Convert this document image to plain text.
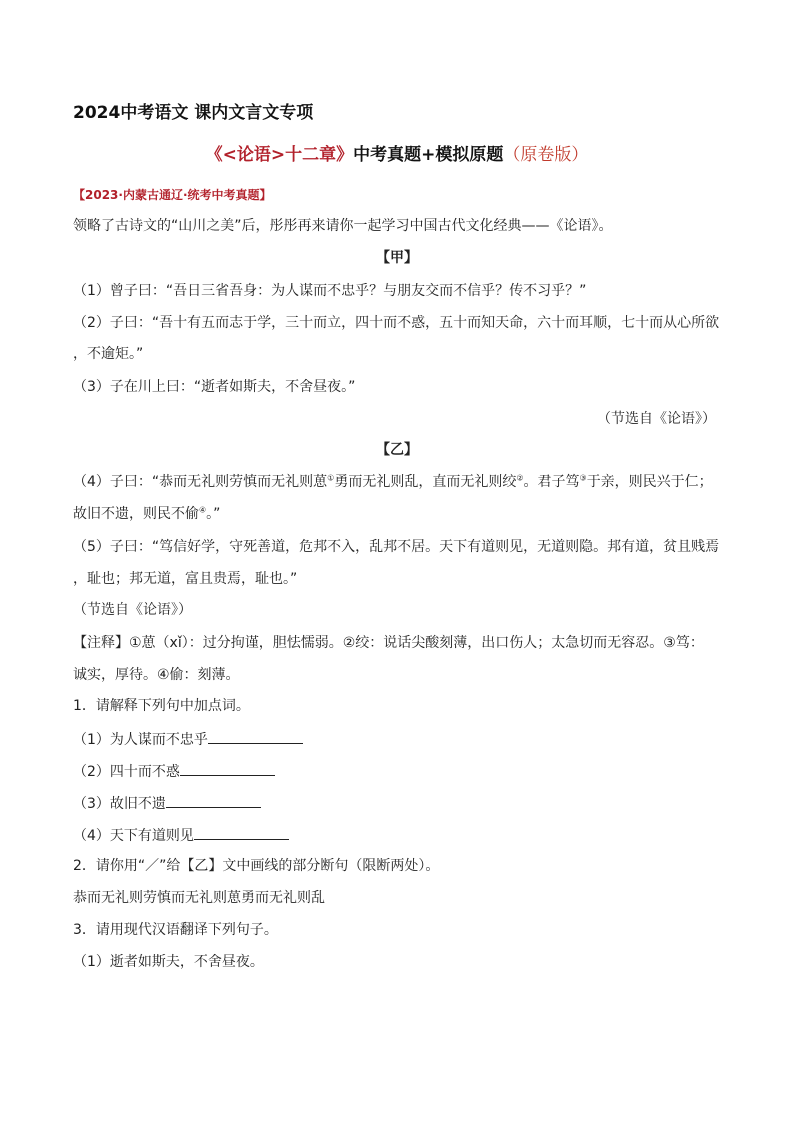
2024中考语文 课内文言文专项
《<论语>十二章》中考真题+模拟原题（原卷版）
【2023·内蒙古通辽·统考中考真题】
领略了古诗文的“山川之美”后，彤彤再来请你一起学习中国古代文化经典——《论语》。
【甲】
（1）曾子曰：“吾日三省吾身：为人谋而不忠乎？与朋友交而不信乎？传不习乎？”
（2）子曰：“吾十有五而志于学，三十而立，四十而不惑，五十而知天命，六十而耳顺，七十而从心所欲
，不逾矩。”
（3）子在川上曰：“逝者如斯夫，不舍昼夜。”
（节选自《论语》）
【乙】
（4）子曰：“恭而无礼则劳慎而无礼则葸①勇而无礼则乱，直而无礼则绞②。君子笃③于亲，则民兴于仁；
故旧不遗，则民不偷④。”
（5）子曰：“笃信好学，守死善道，危邦不入，乱邦不居。天下有道则见，无道则隐。邦有道，贫且贱焉
，耻也；邦无道，富且贵焉，耻也。”
（节选自《论语》）
【注释】①葸（xǐ）：过分拘谨，胆怯懦弱。②绞：说话尖酸刻薄，出口伤人；太急切而无容忍。③笃：
诚实，厚待。④偷：刻薄。
1．请解释下列句中加点词。
（1）为人谋而不忠乎
（2）四十而不惑
（3）故旧不遗
（4）天下有道则见
2．请你用“／”给【乙】文中画线的部分断句（限断两处）。
恭而无礼则劳慎而无礼则葸勇而无礼则乱
3．请用现代汉语翻译下列句子。
（1）逝者如斯夫，不舍昼夜。
